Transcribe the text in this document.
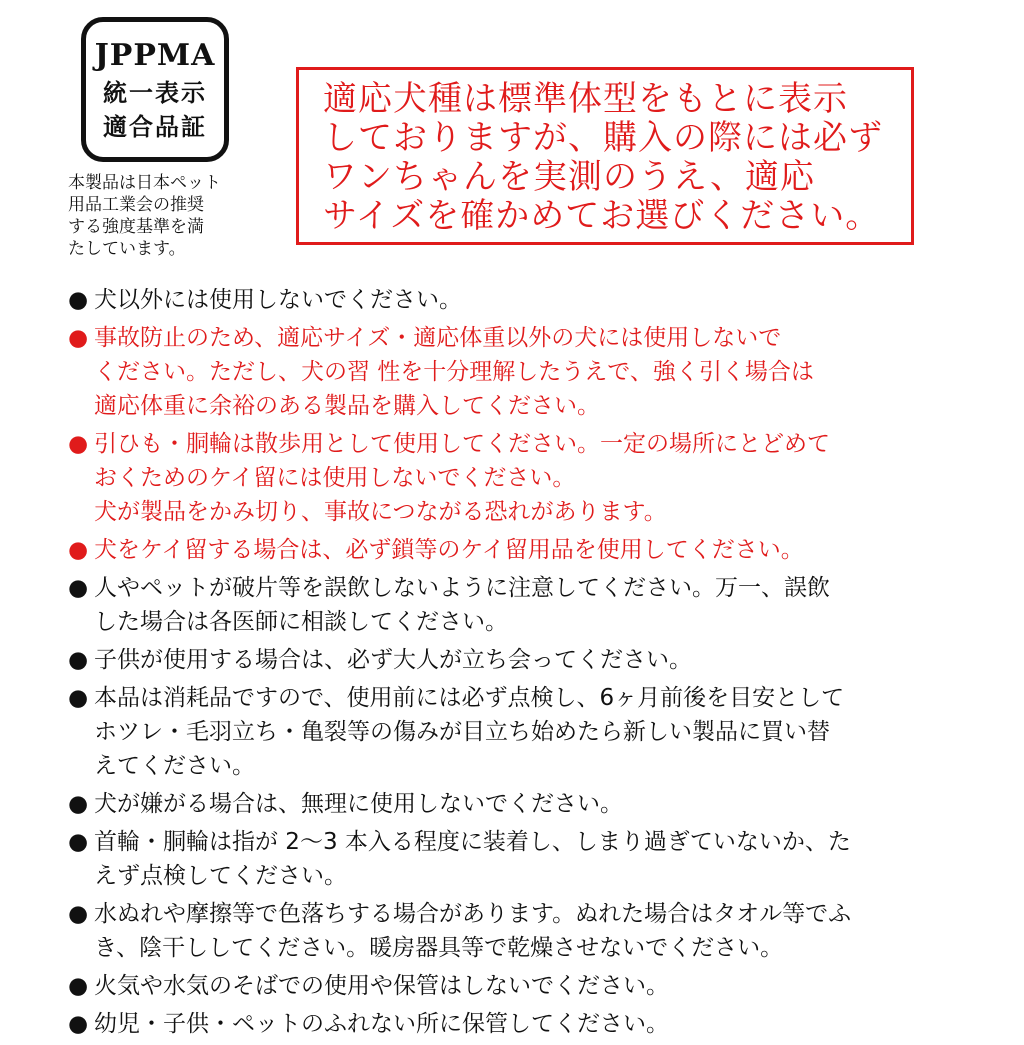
JPPMA
統一表示
適合品証
本製品は日本ペット
用品工業会の推奨
する強度基準を満
たしています。
適応犬種は標準体型をもとに表示
しておりますが、購入の際には必ず
ワンちゃんを実測のうえ、適応
サイズを確かめてお選びください。
● 犬以外には使用しないでください。
● 事故防止のため、適応サイズ・適応体重以外の犬には使用しないで
ください。ただし、犬の習 性を十分理解したうえで、強く引く場合は
適応体重に余裕のある製品を購入してください。
● 引ひも・胴輪は散歩用として使用してください。一定の場所にとどめて
おくためのケイ留には使用しないでください。
犬が製品をかみ切り、事故につながる恐れがあります。
● 犬をケイ留する場合は、必ず鎖等のケイ留用品を使用してください。
● 人やペットが破片等を誤飲しないように注意してください。万一、誤飲
した場合は各医師に相談してください。
● 子供が使用する場合は、必ず大人が立ち会ってください。
● 本品は消耗品ですので、使用前には必ず点検し、6ヶ月前後を目安として
ホツレ・毛羽立ち・亀裂等の傷みが目立ち始めたら新しい製品に買い替
えてください。
● 犬が嫌がる場合は、無理に使用しないでください。
● 首輪・胴輪は指が 2〜3 本入る程度に装着し、しまり過ぎていないか、た
えず点検してください。
● 水ぬれや摩擦等で色落ちする場合があります。ぬれた場合はタオル等でふ
き、陰干ししてください。暖房器具等で乾燥させないでください。
● 火気や水気のそばでの使用や保管はしないでください。
● 幼児・子供・ペットのふれない所に保管してください。
